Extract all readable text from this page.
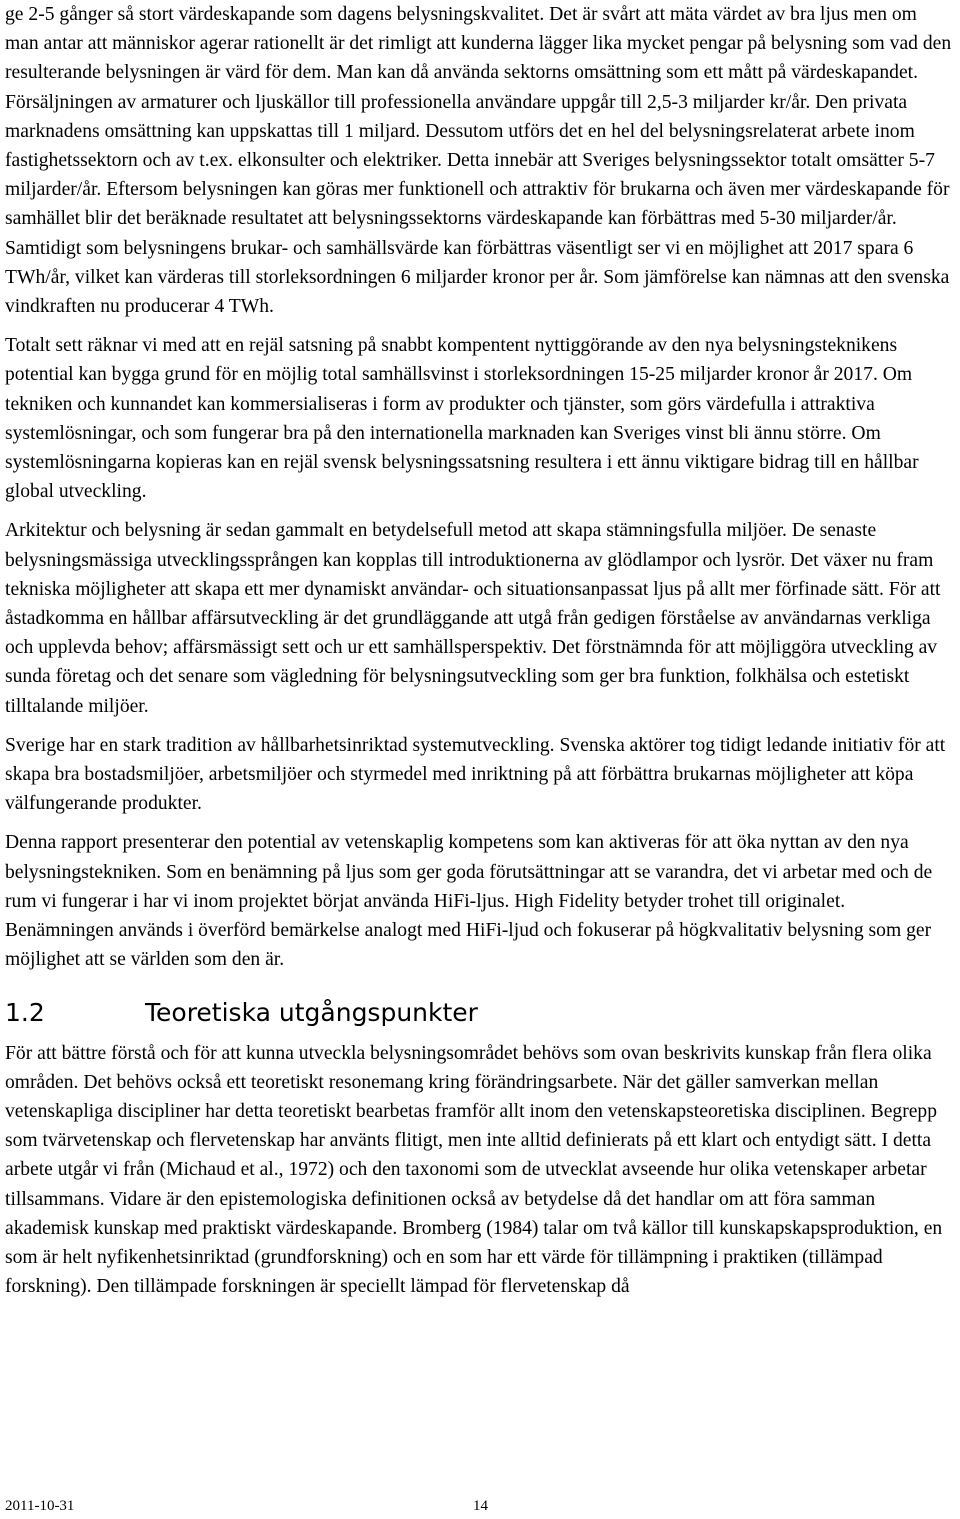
ge 2-5 gånger så stort värdeskapande som dagens belysningskvalitet. Det är svårt att mäta värdet av bra ljus men om man antar att människor agerar rationellt är det rimligt att kunderna lägger lika mycket pengar på belysning som vad den resulterande belysningen är värd för dem. Man kan då använda sektorns omsättning som ett mått på värdeskapandet. Försäljningen av armaturer och ljuskällor till professionella användare uppgår till 2,5-3 miljarder kr/år. Den privata marknadens omsättning kan uppskattas till 1 miljard. Dessutom utförs det en hel del belysningsrelaterat arbete inom fastighetssektorn och av t.ex. elkonsulter och elektriker. Detta innebär att Sveriges belysningssektor totalt omsätter 5-7 miljarder/år. Eftersom belysningen kan göras mer funktionell och attraktiv för brukarna och även mer värdeskapande för samhället blir det beräknade resultatet att belysningssektorns värdeskapande kan förbättras med 5-30 miljarder/år. Samtidigt som belysningens brukar- och samhällsvärde kan förbättras väsentligt ser vi en möjlighet att 2017 spara 6 TWh/år, vilket kan värderas till storleksordningen 6 miljarder kronor per år. Som jämförelse kan nämnas att den svenska vindkraften nu producerar 4 TWh.

Totalt sett räknar vi med att en rejäl satsning på snabbt kompentent nyttiggörande av den nya belysningsteknikens potential kan bygga grund för en möjlig total samhällsvinst i storleksordningen 15-25 miljarder kronor år 2017. Om tekniken och kunnandet kan kommersialiseras i form av produkter och tjänster, som görs värdefulla i attraktiva systemlösningar, och som fungerar bra på den internationella marknaden kan Sveriges vinst bli ännu större. Om systemlösningarna kopieras kan en rejäl svensk belysningssatsning resultera i ett ännu viktigare bidrag till en hållbar global utveckling.

Arkitektur och belysning är sedan gammalt en betydelsefull metod att skapa stämningsfulla miljöer. De senaste belysningsmässiga utvecklingssprången kan kopplas till introduktionerna av glödlampor och lysrör. Det växer nu fram tekniska möjligheter att skapa ett mer dynamiskt användar- och situationsanpassat ljus på allt mer förfinade sätt. För att åstadkomma en hållbar affärsutveckling är det grundläggande att utgå från gedigen förståelse av användarnas verkliga och upplevda behov; affärsmässigt sett och ur ett samhällsperspektiv. Det förstnämnda för att möjliggöra utveckling av sunda företag och det senare som vägledning för belysningsutveckling som ger bra funktion, folkhälsa och estetiskt tilltalande miljöer.

Sverige har en stark tradition av hållbarhetsinriktad systemutveckling. Svenska aktörer tog tidigt ledande initiativ för att skapa bra bostadsmiljöer, arbetsmiljöer och styrmedel med inriktning på att förbättra brukarnas möjligheter att köpa välfungerande produkter.

Denna rapport presenterar den potential av vetenskaplig kompetens som kan aktiveras för att öka nyttan av den nya belysningstekniken. Som en benämning på ljus som ger goda förutsättningar att se varandra, det vi arbetar med och de rum vi fungerar i har vi inom projektet börjat använda HiFi-ljus. High Fidelity betyder trohet till originalet. Benämningen används i överförd bemärkelse analogt med HiFi-ljud och fokuserar på högkvalitativ belysning som ger möjlighet att se världen som den är.

1.2	Teoretiska utgångspunkter

För att bättre förstå och för att kunna utveckla belysningsområdet behövs som ovan beskrivits kunskap från flera olika områden. Det behövs också ett teoretiskt resonemang kring förändringsarbete. När det gäller samverkan mellan vetenskapliga discipliner har detta teoretiskt bearbetas framför allt inom den vetenskapsteoretiska disciplinen. Begrepp som tvärvetenskap och flervetenskap har använts flitigt, men inte alltid definierats på ett klart och entydigt sätt. I detta arbete utgår vi från (Michaud et al., 1972) och den taxonomi som de utvecklat avseende hur olika vetenskaper arbetar tillsammans. Vidare är den epistemologiska definitionen också av betydelse då det handlar om att föra samman akademisk kunskap med praktiskt värdeskapande. Bromberg (1984) talar om två källor till kunskapskapsproduktion, en som är helt nyfikenhetsinriktad (grundforskning) och en som har ett värde för tillämpning i praktiken (tillämpad forskning). Den tillämpade forskningen är speciellt lämpad för flervetenskap då

2011-10-31	14
